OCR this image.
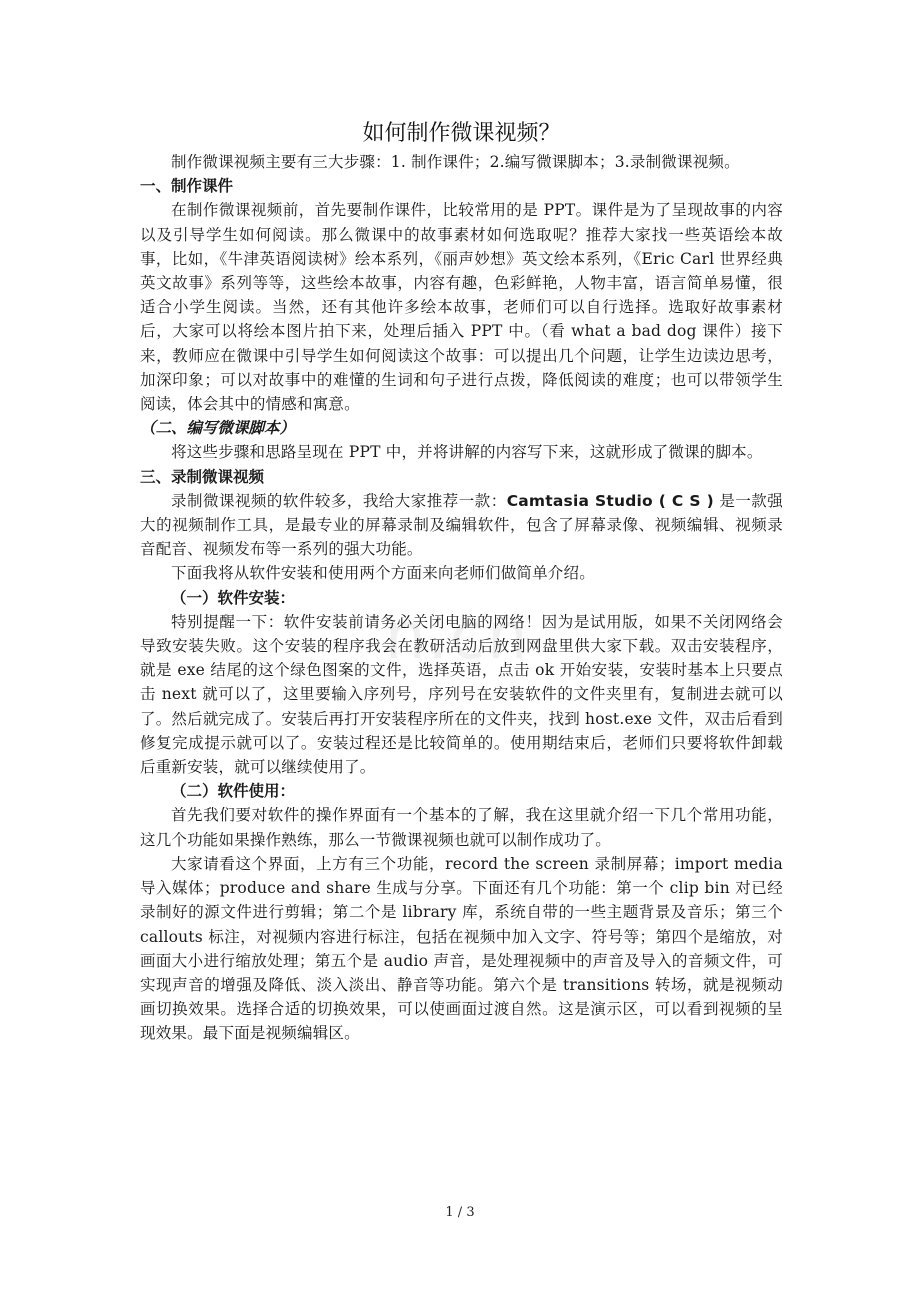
n.cn
如何制作微课视频？

制作微课视频主要有三大步骤：1. 制作课件；2.编写微课脚本；3.录制微课视频。

一、制作课件

在制作微课视频前，首先要制作课件，比较常用的是 PPT。课件是为了呈现故事的内容以及引导学生如何阅读。那么微课中的故事素材如何选取呢？推荐大家找一些英语绘本故事，比如，《牛津英语阅读树》绘本系列，《丽声妙想》英文绘本系列，《Eric Carl 世界经典英文故事》系列等等，这些绘本故事，内容有趣，色彩鲜艳，人物丰富，语言简单易懂，很适合小学生阅读。当然，还有其他许多绘本故事，老师们可以自行选择。选取好故事素材后，大家可以将绘本图片拍下来，处理后插入 PPT 中。（看 what a bad dog 课件）接下来，教师应在微课中引导学生如何阅读这个故事：可以提出几个问题，让学生边读边思考，加深印象；可以对故事中的难懂的生词和句子进行点拨，降低阅读的难度；也可以带领学生阅读，体会其中的情感和寓意。

（二、编写微课脚本）

将这些步骤和思路呈现在 PPT 中，并将讲解的内容写下来，这就形成了微课的脚本。

三、录制微课视频

录制微课视频的软件较多，我给大家推荐一款：Camtasia Studio ( C S ) 是一款强大的视频制作工具，是最专业的屏幕录制及编辑软件，包含了屏幕录像、视频编辑、视频录音配音、视频发布等一系列的强大功能。

下面我将从软件安装和使用两个方面来向老师们做简单介绍。

（一）软件安装：

特别提醒一下：软件安装前请务必关闭电脑的网络！因为是试用版，如果不关闭网络会导致安装失败。这个安装的程序我会在教研活动后放到网盘里供大家下载。双击安装程序，就是 exe 结尾的这个绿色图案的文件，选择英语，点击 ok 开始安装，安装时基本上只要点击 next 就可以了，这里要输入序列号，序列号在安装软件的文件夹里有，复制进去就可以了。然后就完成了。安装后再打开安装程序所在的文件夹，找到 host.exe 文件，双击后看到修复完成提示就可以了。安装过程还是比较简单的。使用期结束后，老师们只要将软件卸载后重新安装，就可以继续使用了。

（二）软件使用：

首先我们要对软件的操作界面有一个基本的了解，我在这里就介绍一下几个常用功能，这几个功能如果操作熟练，那么一节微课视频也就可以制作成功了。

大家请看这个界面，上方有三个功能，record the screen 录制屏幕；import media 导入媒体；produce and share 生成与分享。下面还有几个功能：第一个 clip bin 对已经录制好的源文件进行剪辑；第二个是 library 库，系统自带的一些主题背景及音乐；第三个 callouts 标注，对视频内容进行标注，包括在视频中加入文字、符号等；第四个是缩放，对画面大小进行缩放处理；第五个是 audio 声音，是处理视频中的声音及导入的音频文件，可实现声音的增强及降低、淡入淡出、静音等功能。第六个是 transitions 转场，就是视频动画切换效果。选择合适的切换效果，可以使画面过渡自然。这是演示区，可以看到视频的呈现效果。最下面是视频编辑区。

1 / 3
